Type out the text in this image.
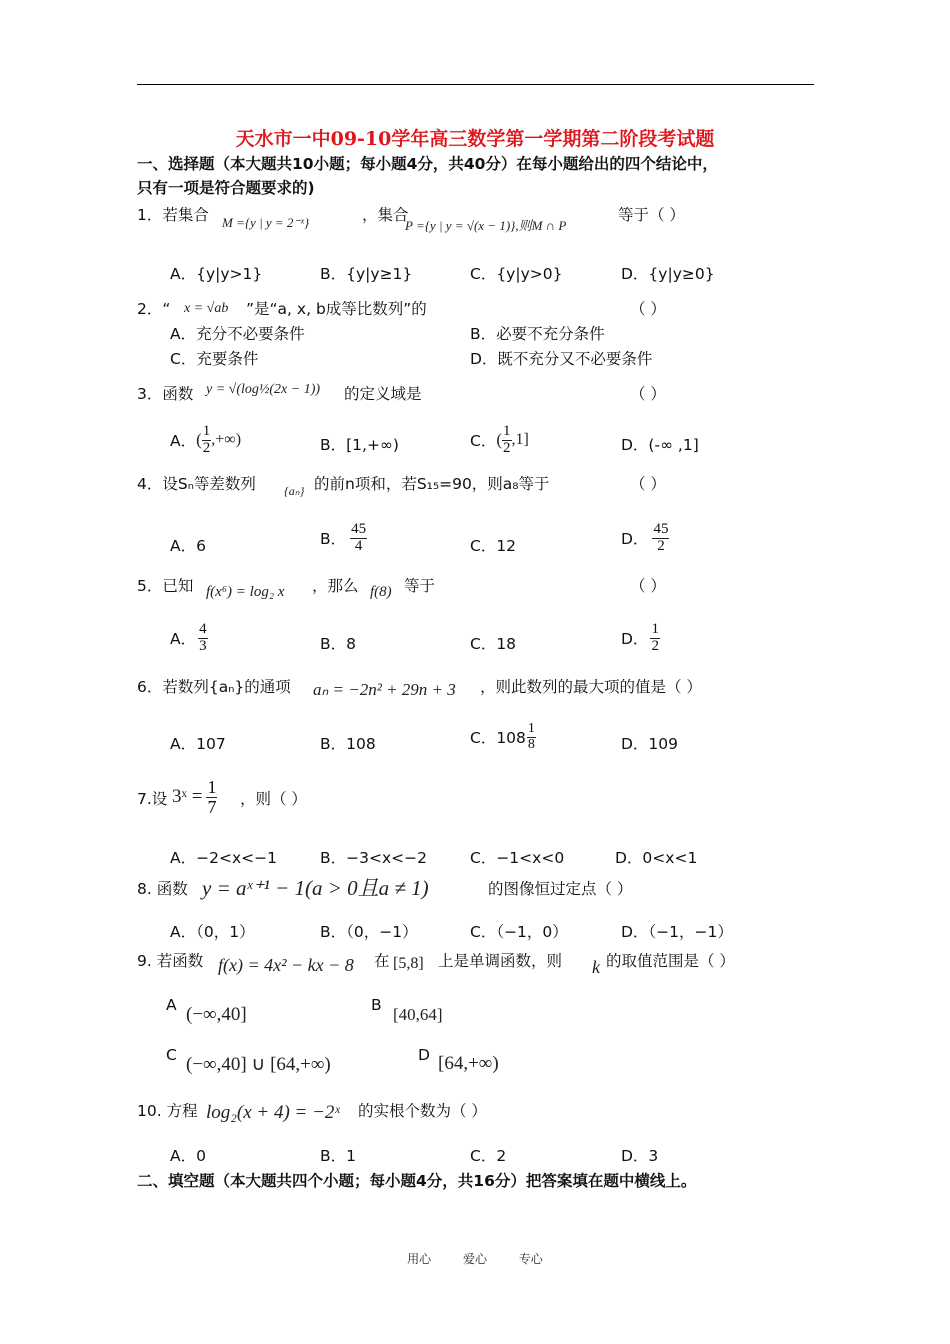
天水市一中09-10学年高三数学第一学期第二阶段考试题
一、选择题（本大题共10小题；每小题4分，共40分）在每小题给出的四个结论中，
只有一项是符合题要求的)
1．若集合 M ={y | y = 2⁻ˣ}	，集合
P ={y | y = √(x − 1)},则M ∩ P
等于（ ）
A．{y|y>1}	B．{y|y≥1}	C．{y|y>0}	D．{y|y≥0}
2．“ x = √ab ”是“a, x, b成等比数列”的	（ ）
A．充分不必要条件	B．必要不充分条件
C．充要条件	D．既不充分又不必要条件
3．函数 y = √(log½(2x − 1)) 的定义域是	（ ）
A． ( $\frac{1}{2}$ ,+∞)	B．[1,+∞)	C． ( $\frac{1}{2} ,1$]	D．(-∞ ,1]
4．设Sₙ等差数列 {aₙ} 的前n项和，若S₁₅=90，则a₈等于	（ ）
A．6	B． $\frac{45}{4}$	C．12	D． $\frac{45}{2}$
5．已知 f(x⁶) = log₂ x ，那么 f(8) 等于	（ ）
A． $\frac{4}{3}$	B．8	C．18	D． $\frac{1}{2}$
6．若数列{aₙ}的通项 aₙ = −2n² + 29n + 3 ，则此数列的最大项的值是（ ）
A．107	B．108	C．$108 \frac{1}{8}$	D．109
7.设 3ˣ = $\frac{1}{7}$ ，则（ ）
A．−2<x<−1	B．−3<x<−2	C．−1<x<0	D．0<x<1
8. 函数 y = aˣ⁺¹ − 1(a > 0且a ≠ 1)	的图像恒过定点（ ）
A．（0，1）	B．（0，−1）	C．（−1，0）	D．（−1，−1）
9. 若函数 f(x) = 4x² − kx − 8 在 [5,8] 上是单调函数，则 k 的取值范围是（ ）
A (−∞,40]	B [40,64]
C (−∞,40] ∪ [64,+∞)	D [64,+∞)
10. 方程 log₂(x + 4) = −2ˣ 的实根个数为（ ）
A．0	B．1	C．2	D．3
二、填空题（本大题共四个小题；每小题4分，共16分）把答案填在题中横线上。
用心 爱心 专心
